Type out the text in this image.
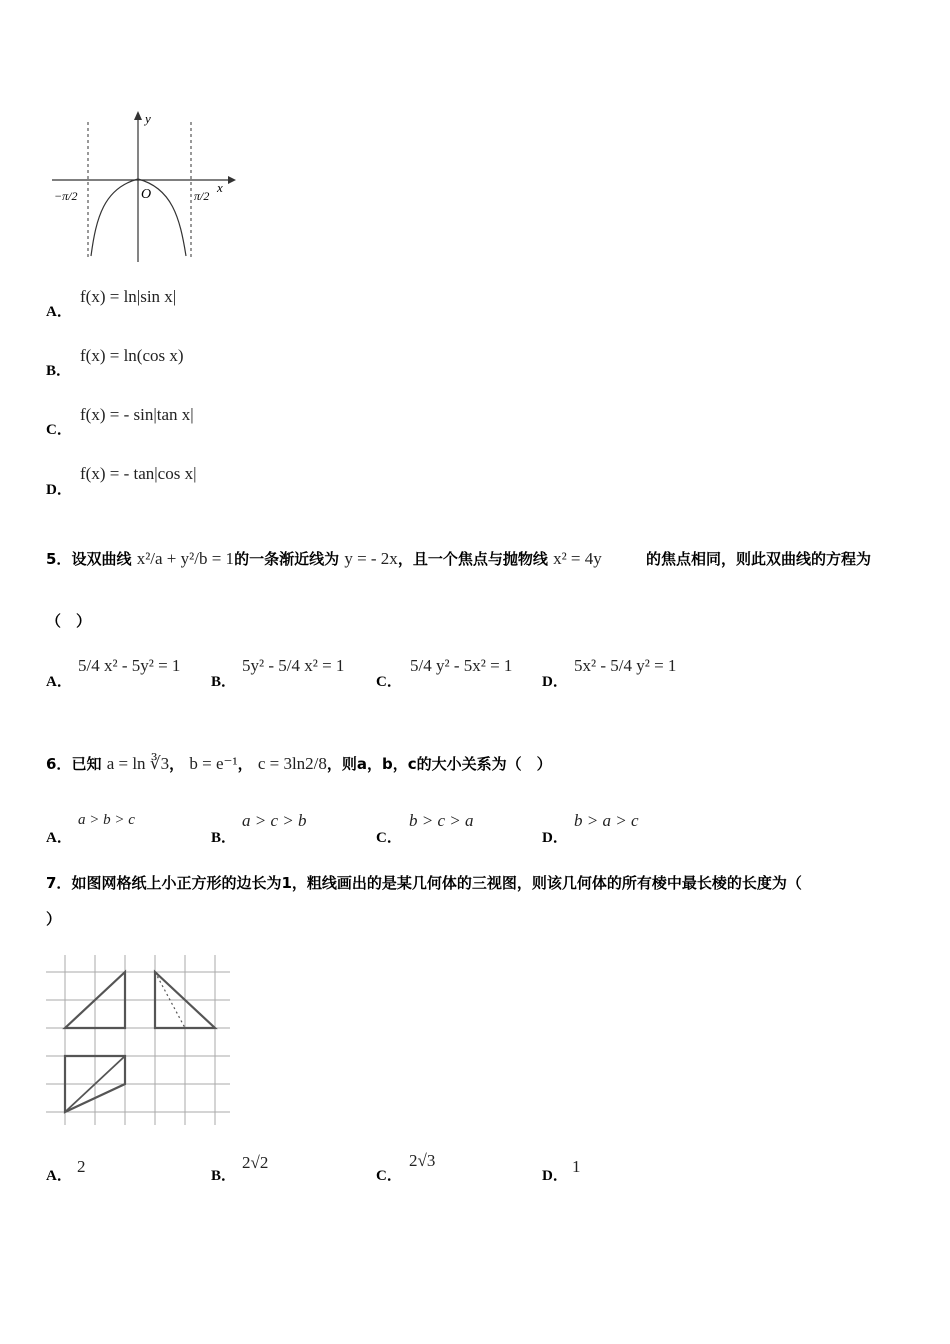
y
x
O
−π/2	π/2
A．
f(x) = ln|sin x|
B．
f(x) = ln(cos x)
C．
f(x) = - sin|tan x|
D．
f(x) = - tan|cos x|
5．设双曲线 x²/a + y²/b = 1的一条渐近线为 y = - 2x，且一个焦点与抛物线 x² = 4y	的焦点相同，则此双曲线的方程为
（　）
A．
5/4 x² - 5y² = 1
B．
5y² - 5/4 x² = 1
C．
5/4 y² - 5x² = 1
D．
5x² - 5/4 y² = 1
6．已知 a = ln ∛3， b = e⁻¹， c = 3ln2/8，则a，b，c的大小关系为（　）
A．
a > b > c
B．
a > c > b
C．
b > c > a
D．
b > a > c
7．如图网格纸上小正方形的边长为1，粗线画出的是某几何体的三视图，则该几何体的所有棱中最长棱的长度为（
）
A． 2	B．
2√2
C．
2√3
D． 1
